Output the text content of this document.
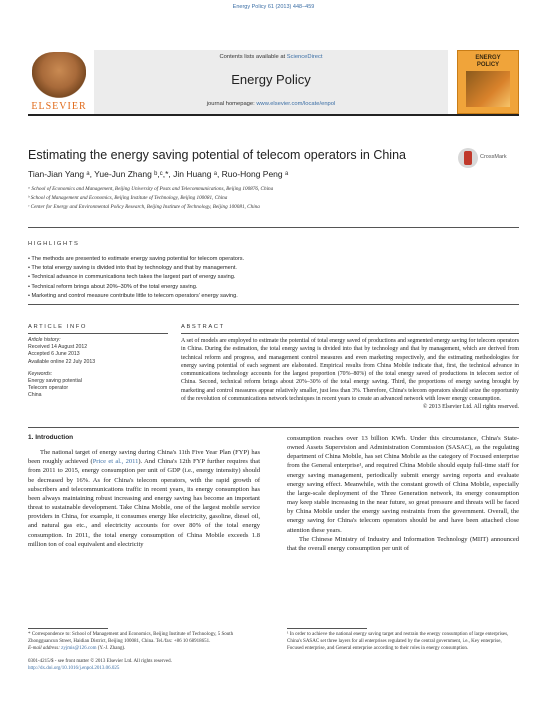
Energy Policy 61 (2013) 448–459
ELSEVIER
Contents lists available at ScienceDirect
Energy Policy
journal homepage: www.elsevier.com/locate/enpol
ENERGY
POLICY
Estimating the energy saving potential of telecom operators in China	CrossMark
Tian-Jian Yang ᵃ, Yue-Jun Zhang ᵇ,ᶜ,*, Jin Huang ᵃ, Ruo-Hong Peng ᵃ
ᵃ School of Economics and Management, Beijing University of Posts and Telecommunications, Beijing 100876, China
ᵇ School of Management and Economics, Beijing Institute of Technology, Beijing 100081, China
ᶜ Center for Energy and Environmental Policy Research, Beijing Institute of Technology, Beijing 100081, China
HIGHLIGHTS
• The methods are presented to estimate energy saving potential for telecom operators.
• The total energy saving is divided into that by technology and that by management.
• Technical advance in communications tech takes the largest part of energy saving.
• Technical reform brings about 20%–30% of the total energy saving.
• Marketing and control measure contribute little to telecom operators' energy saving.
ARTICLE INFO	ABSTRACT
Article history:
Received 14 August 2012
Accepted 6 June 2013
Available online 22 July 2013
Keywords:
Energy saving potential
Telecom operator
China
A set of models are employed to estimate the potential of total energy saved of productions and segmented energy saving for telecom operators in China. During the estimation, the total energy saving is divided into that by technology and that by management, which are derived from technical reform and progress, and management control measures and even marketing respectively, and the estimating methodologies for energy saving potential of each segment are elaborated. Empirical results from China Mobile indicate that, first, the technical advance in communications technology accounts for the largest proportion (70%–80%) of the total energy saved of productions in telecom sector of China. Second, technical reform brings about 20%–30% of the total energy saving. Third, the proportions of energy saving brought by marketing and control measures appear relatively smaller, just less than 3%. Therefore, China's telecom operators should seize the opportunity of the revolution of communications network techniques in recent years to create an advanced network with lower energy consumption.
© 2013 Elsevier Ltd. All rights reserved.
1. Introduction

The national target of energy saving during China's 11th Five Year Plan (FYP) has been roughly achieved (Price et al., 2011). And China's 12th FYP further requires that from 2011 to 2015, energy consumption per unit of GDP (i.e., energy intensity) should be decreased by 16%. As for China's telecom operators, with the rapid growth of subscribers and telecommunications traffic in recent years, its energy consumption has been always maintaining robust increasing and energy saving has become an important threat to sustainable development. Take China Mobile, one of the largest mobile service providers in China, for example, it consumes energy like electricity, gasoline, diesel oil, and natural gas etc., and electricity accounts for over 80% of the total energy consumption. In 2011, the total energy consumption of China Mobile exceeds 1.8 million ton of coal equivalent and electricity

consumption reaches over 13 billion KWh. Under this circumstance, China's State-owned Assets Supervision and Administration Commission (SASAC), as the regulating department of China Mobile, has set China Mobile as the category of Focused enterprise from the General enterprise¹, and required China Mobile should equip full-time staff for energy saving management, periodically submit energy saving reports and evaluate energy saving effect. Meanwhile, with the constant growth of China Mobile, especially the large-scale deployment of the Three Generation network, its energy consumption may keep stable increasing in the near future, so great pressure and threats will be faced by China Mobile under the energy saving restraints from the government. Overall, the energy saving for China's telecom operators should be and have been attached close attention these years.

The Chinese Ministry of Industry and Information Technology (MIIT) announced that the overall energy consumption per unit of

* Correspondence to: School of Management and Economics, Beijing Institute of Technology, 5 South Zhongguancun Street, Haidian District, Beijing 100081, China. Tel./fax: +86 10 68918651.
E-mail address: zyjmis@126.com (Y.-J. Zhang).
0301-4215/$ - see front matter © 2013 Elsevier Ltd. All rights reserved.
http://dx.doi.org/10.1016/j.enpol.2013.06.025
¹ In order to achieve the national energy saving target and restrain the energy consumption of large enterprises, China's SASAC set three layers for all enterprises regulated by the central government, i.e., Key enterprise, Focused enterprise, and General enterprise according to their roles in energy consumption.
